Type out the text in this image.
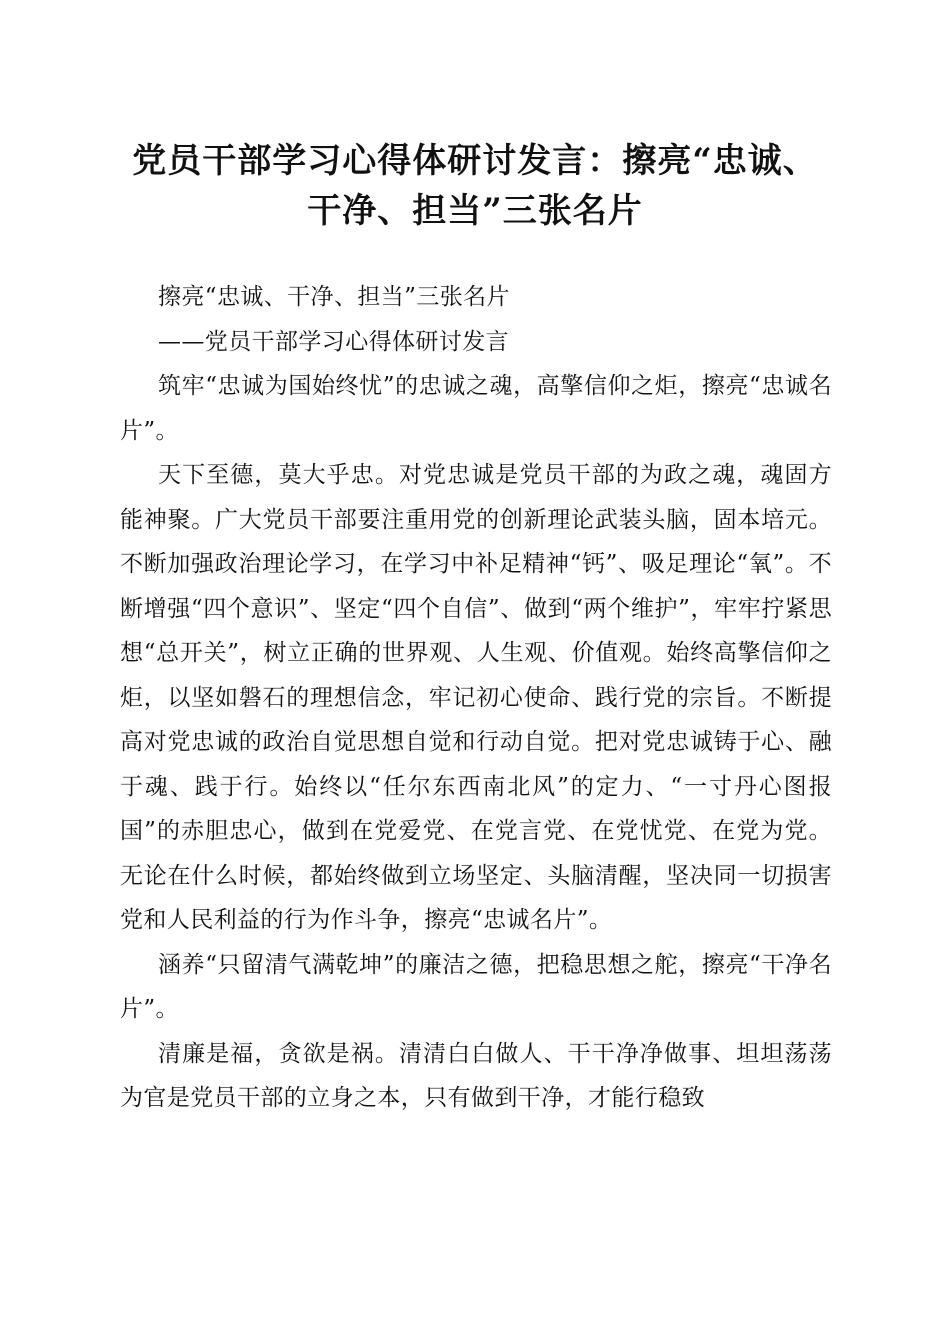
党员干部学习心得体研讨发言：擦亮“忠诚、
干净、担当”三张名片

擦亮“忠诚、干净、担当”三张名片

——党员干部学习心得体研讨发言

筑牢“忠诚为国始终忧”的忠诚之魂，高擎信仰之炬，擦亮“忠诚名片”。

天下至德，莫大乎忠。对党忠诚是党员干部的为政之魂，魂固方能神聚。广大党员干部要注重用党的创新理论武装头脑，固本培元。不断加强政治理论学习，在学习中补足精神“钙”、吸足理论“氧”。不断增强“四个意识”、坚定“四个自信”、做到“两个维护”，牢牢拧紧思想“总开关”，树立正确的世界观、人生观、价值观。始终高擎信仰之炬，以坚如磐石的理想信念，牢记初心使命、践行党的宗旨。不断提高对党忠诚的政治自觉思想自觉和行动自觉。把对党忠诚铸于心、融于魂、践于行。始终以“任尔东西南北风”的定力、“一寸丹心图报国”的赤胆忠心，做到在党爱党、在党言党、在党忧党、在党为党。无论在什么时候，都始终做到立场坚定、头脑清醒，坚决同一切损害党和人民利益的行为作斗争，擦亮“忠诚名片”。

涵养“只留清气满乾坤”的廉洁之德，把稳思想之舵，擦亮“干净名片”。

清廉是福，贪欲是祸。清清白白做人、干干净净做事、坦坦荡荡为官是党员干部的立身之本，只有做到干净，才能行稳致
